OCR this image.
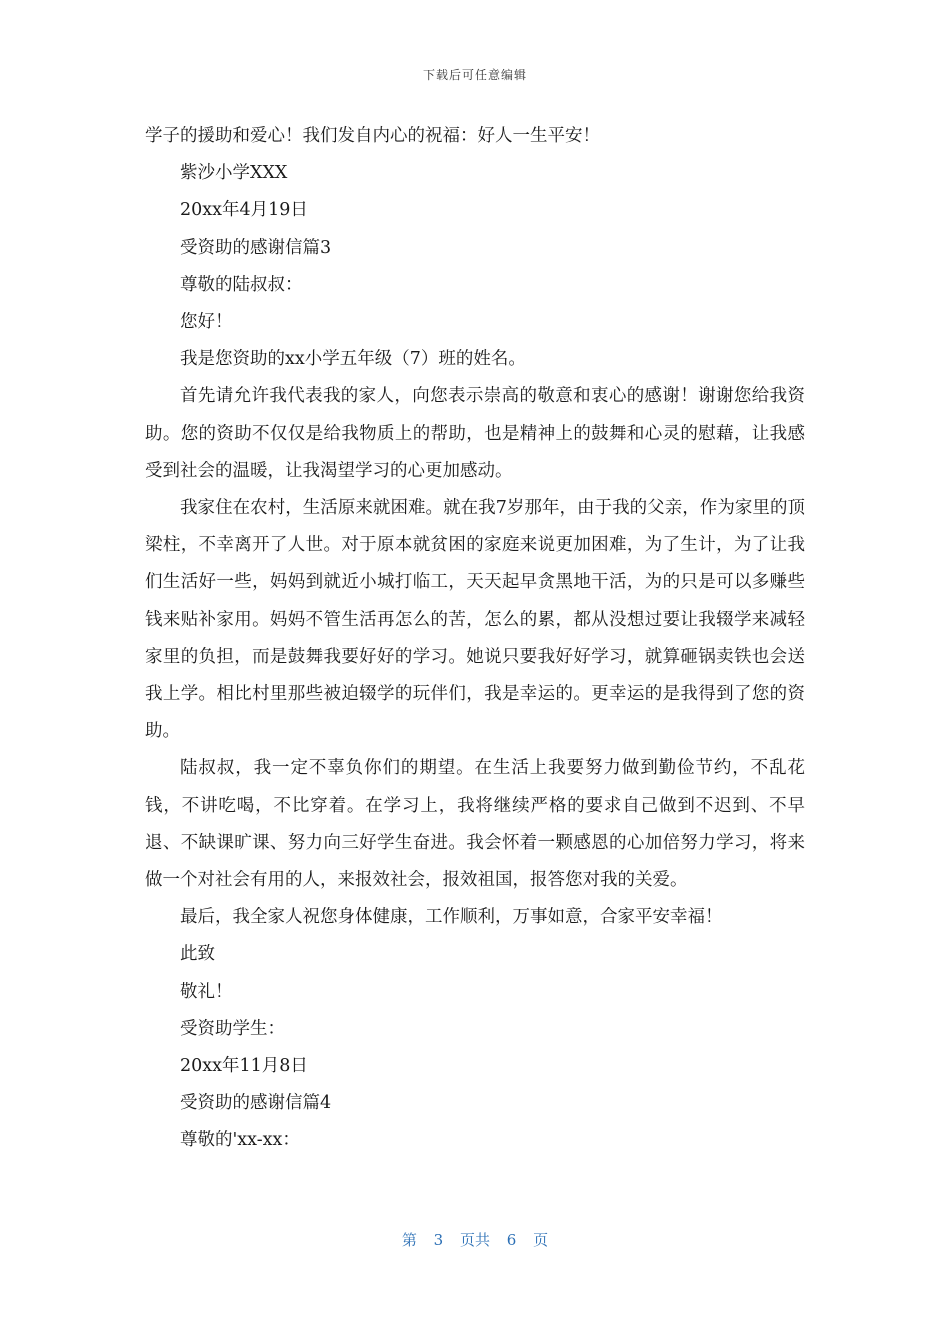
下载后可任意编辑

学子的援助和爱心！我们发自内心的祝福：好人一生平安！

紫沙小学XXX

20xx年4月19日

受资助的感谢信篇3

尊敬的陆叔叔：

您好！

我是您资助的xx小学五年级（7）班的姓名。

首先请允许我代表我的家人，向您表示崇高的敬意和衷心的感谢！谢谢您给我资助。您的资助不仅仅是给我物质上的帮助，也是精神上的鼓舞和心灵的慰藉，让我感受到社会的温暖，让我渴望学习的心更加感动。

我家住在农村，生活原来就困难。就在我7岁那年，由于我的父亲，作为家里的顶梁柱，不幸离开了人世。对于原本就贫困的家庭来说更加困难，为了生计，为了让我们生活好一些，妈妈到就近小城打临工，天天起早贪黑地干活，为的只是可以多赚些钱来贴补家用。妈妈不管生活再怎么的苦，怎么的累，都从没想过要让我辍学来减轻家里的负担，而是鼓舞我要好好的学习。她说只要我好好学习，就算砸锅卖铁也会送我上学。相比村里那些被迫辍学的玩伴们，我是幸运的。更幸运的是我得到了您的资助。

陆叔叔，我一定不辜负你们的期望。在生活上我要努力做到勤俭节约，不乱花钱，不讲吃喝，不比穿着。在学习上，我将继续严格的要求自己做到不迟到、不早退、不缺课旷课、努力向三好学生奋进。我会怀着一颗感恩的心加倍努力学习，将来做一个对社会有用的人，来报效社会，报效祖国，报答您对我的关爱。

最后，我全家人祝您身体健康，工作顺利，万事如意，合家平安幸福！

此致

敬礼！

受资助学生：

20xx年11月8日

受资助的感谢信篇4

尊敬的'xx-xx：

第 3 页共 6 页
